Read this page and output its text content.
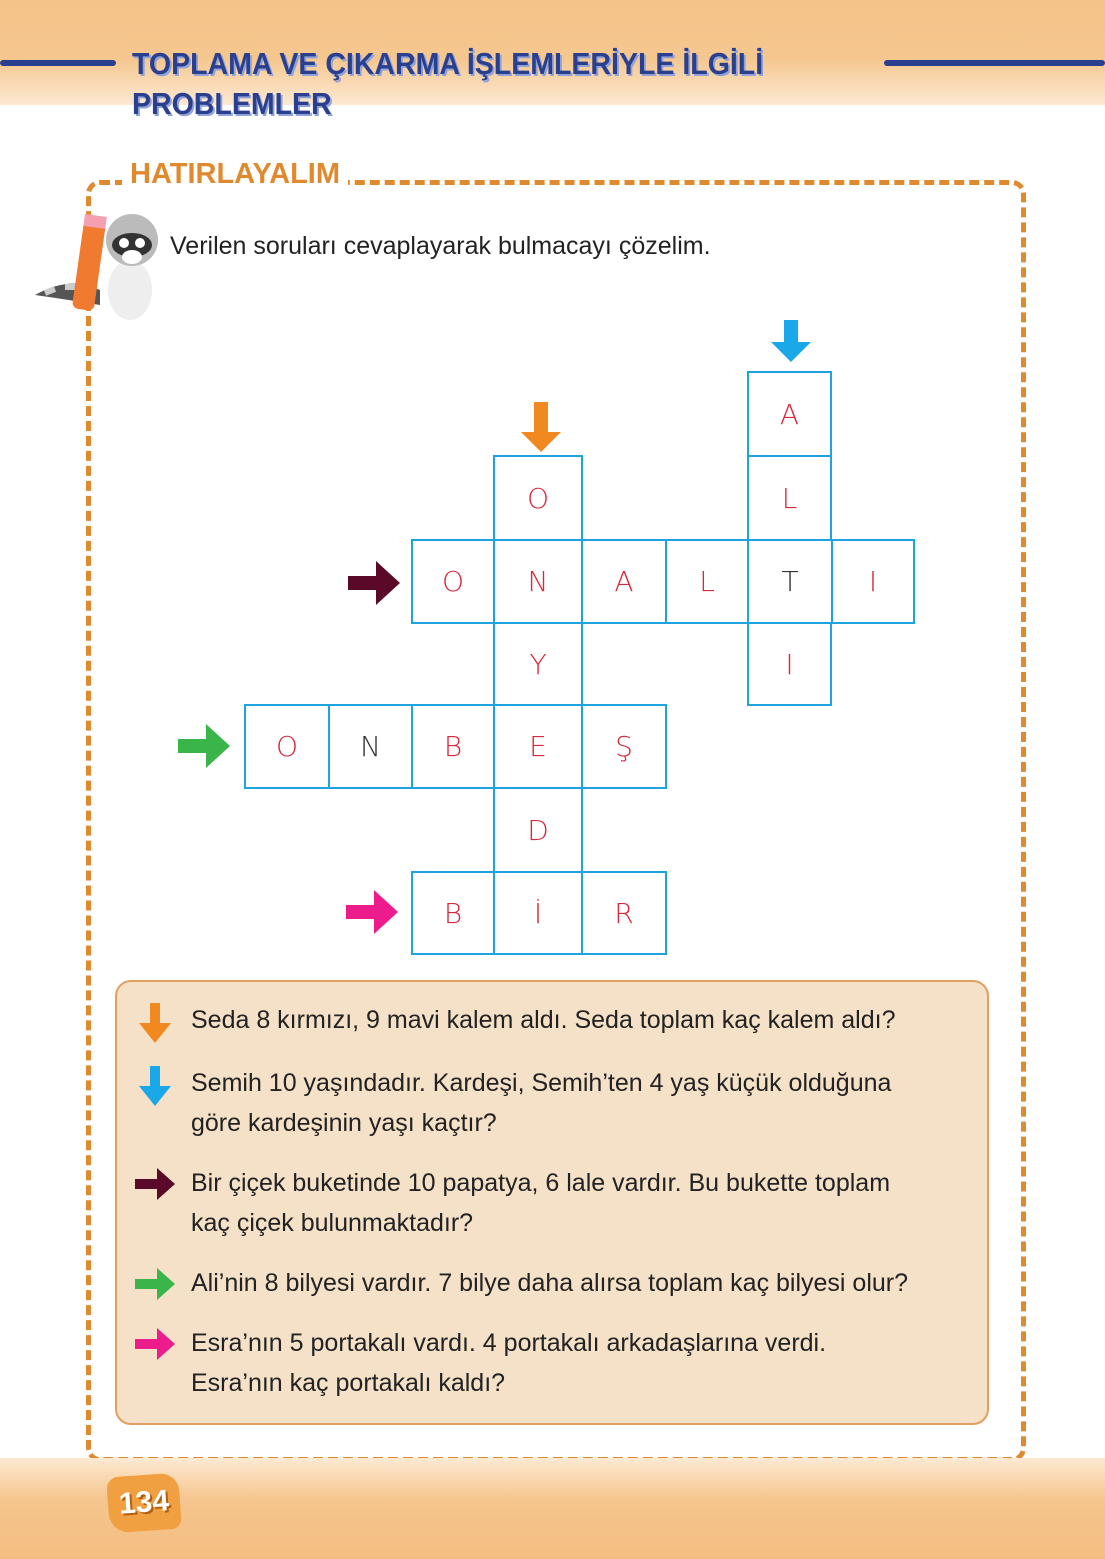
TOPLAMA VE ÇIKARMA İŞLEMLERİYLE İLGİLİ
PROBLEMLER
HATIRLAYALIM
Verilen soruları cevaplayarak bulmacayı çözelim.
A
L
I
O
Y
D
O	N	A	L	T	I
O	N	B	E	Ş
B	İ	R
Seda 8 kırmızı, 9 mavi kalem aldı. Seda toplam kaç kalem aldı?
Semih 10 yaşındadır. Kardeşi, Semih’ten 4 yaş küçük olduğuna
göre kardeşinin yaşı kaçtır?
Bir çiçek buketinde 10 papatya, 6 lale vardır. Bu bukette toplam
kaç çiçek bulunmaktadır?
Ali’nin 8 bilyesi vardır. 7 bilye daha alırsa toplam kaç bilyesi olur?
Esra’nın 5 portakalı vardı. 4 portakalı arkadaşlarına verdi.
Esra’nın kaç portakalı kaldı?
134
